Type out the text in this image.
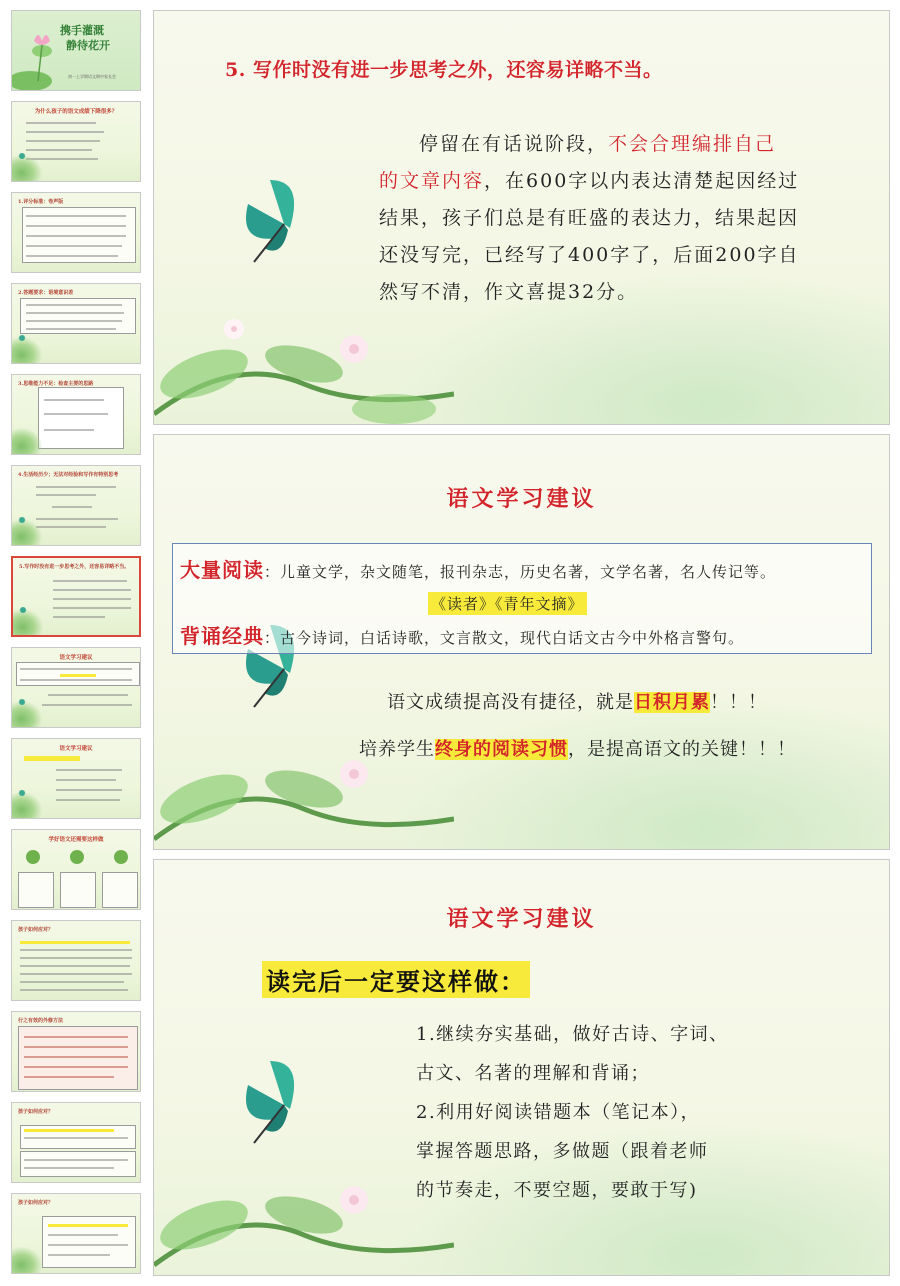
携手灌溉
静待花开
初一上学期语文期中家长会
为什么孩子的语文成绩下降很多？
1.评分标准：卷声版
2.答题要求：语境意识差
3.思维能力不足：检查主要的思路
4.生活经历少；无法对经验和写作有特别思考
5.写作时没有进一步思考之外，还容易详略不当。
语文学习建议
语文学习建议
学好语文还需要这样做
孩子如何应对？
行之有效的外修方法
孩子如何应对？
孩子如何应对？
5. 写作时没有进一步思考之外，还容易详略不当。
停留在有话说阶段，不会合理编排自己
的文章内容，在600字以内表达清楚起因经过
结果，孩子们总是有旺盛的表达力，结果起因
还没写完，已经写了400字了，后面200字自
然写不清，作文喜提32分。
语文学习建议
大量阅读：儿童文学，杂文随笔，报刊杂志，历史名著，文学名著，名人传记等。
《读者》《青年文摘》
背诵经典：古今诗词，白话诗歌，文言散文，现代白话文古今中外格言警句。
语文成绩提高没有捷径，就是日积月累！！！
培养学生终身的阅读习惯，是提高语文的关键！！！
语文学习建议
读完后一定要这样做：
1.继续夯实基础，做好古诗、字词、
古文、名著的理解和背诵；
2.利用好阅读错题本（笔记本），
掌握答题思路，多做题（跟着老师
的节奏走，不要空题，要敢于写)
